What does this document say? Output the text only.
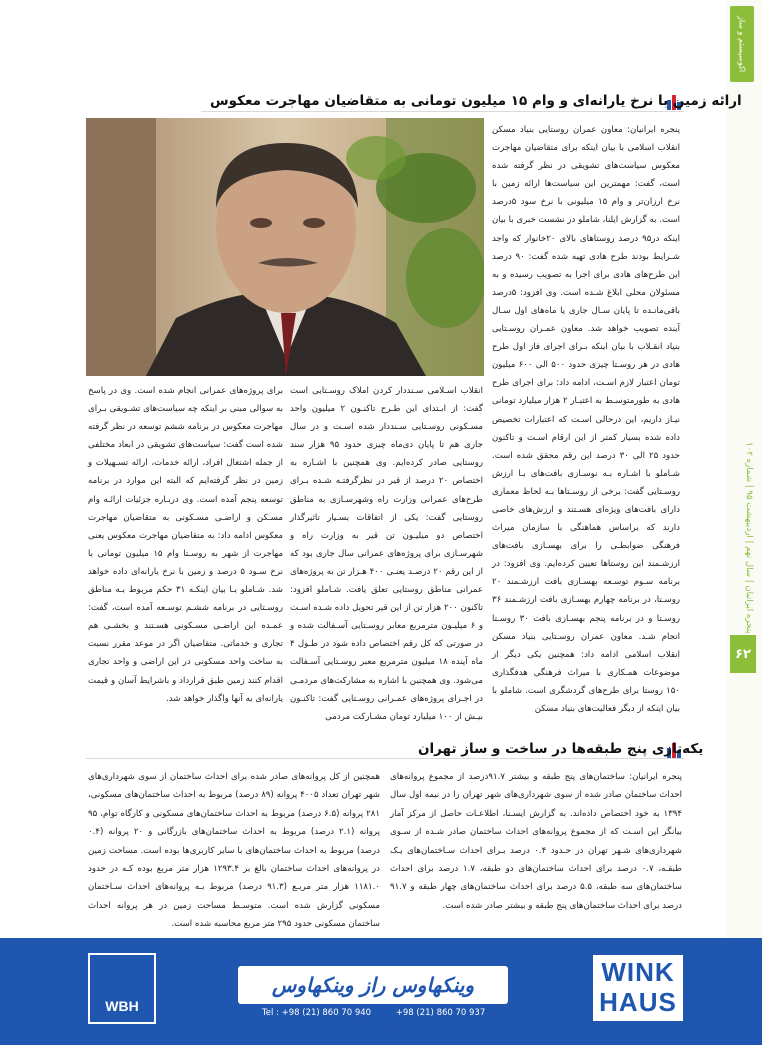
اکوسیستم و ساز
پنجره ایرانیان | سال نهم | اردیبهشت ۹۵ | شماره ۱۰۲
۶۲
ارائه زمین با نرخ یارانه‌ای و وام ۱۵ میلیون تومانی به متقاضیان مهاجرت معکوس
پنجره ایرانیان: معاون عمران روستایی بنیاد مسکن انقلاب اسلامی با بیان اینکه برای متقاضیان مهاجرت معکوس سیاست‌های تشویقی در نظر گرفته شده است، گفت: مهمترین این سیاست‌ها ارائه زمین با نرخ ارزان‌تر و وام ۱۵ میلیونی با نرخ سود ۵درصد است. به گزارش ایلنا، شاملو در نشست خبری با بیان اینکه در۹۵ درصد روستاهای بالای ۲۰خانوار که واجد شـرایط بودند طرح هادی تهیه شده گفت: ۹۰ درصد این طرح‌های هادی برای اجرا به تصویب رسیده و به مسئولان محلی ابلاغ شـده است. وی افزود: ۵درصد باقی‌مانـده تا پایان سـال جاری یا ماه‌های اول سـال آینده تصویب خواهد شد. معاون عمـران روسـتایی بنیاد انقـلاب با بیان اینکه بـرای اجرای فاز اول طرح هادی در هر روسـتا چیزی حدود ۵۰۰ الی ۶۰۰ میلیون تومان اعتبار لازم اسـت، ادامه داد: برای اجرای طرح هادی به طورمتوسـط به اعتبـار ۲ هزار میلیارد تومانی نیـاز داریم، این درحالی اسـت که اعتبارات تخصیص داده شده بسیار کمتر از این ارقام اسـت و تاکنون حدود ۲۵ الی ۳۰ درصد این رقم محقق شده است. شـاملو با اشـاره بـه نوسـازی بافت‌های بـا ارزش روسـتایی گفت: برخی از روسـتاها بـه لحاظ معماری دارای بافت‌های ویژه‌ای هسـتند و ارزش‌های خاصی دارند که براساس هماهنگی با سازمان میراث فرهنگی ضوابطـی را برای بهسـازی بافت‌های ارزشـمند این روستاها تعیین کرده‌ایم. وی افزود: در برنامه سـوم توسـعه بهسـازی بافت ارزشـمند ۲۰ روسـتا، در برنامه چهارم بهسـازی بافت ارزشـمند ۳۶ روسـتا و در برنامه پنجم بهسـازی بافت ۳۰ روسـتا انجام شـد. معاون عمران روسـتایی بنیاد مسکن انقلاب اسلامی ادامه داد: همچنین یکی دیگر از موضوعات همـکاری با میراث فرهنگی هدفگذاری ۱۵۰ روستا برای طرح‌های گردشگری است. شاملو با بیان اینکه از دیگر فعالیت‌های بنیاد مسکن
انقلاب اسـلامی سـنددار کردن املاک روسـتایی است گفت: از ابـتدای این طـرح تاکنـون ۲ میلیون واحد مسـکونی روسـتایی سـنددار شده اسـت و در سال جاری هم تا پایان دی‌ماه چیزی حدود ۹۵ هزار سند روستایی صادر کرده‌ایم. وی همچنین با اشـاره به اختصاص ۲۰ درصد از قیر در نظرگرفتـه شـده بـرای طرح‌های عمرانی وزارت راه وشهرسـازی به مناطق روستایی گفت: یکی از اتفاقات بسـیار تاثیرگذار اختصاص دو میلیـون تن قیر به وزارت راه و شهرسـازی برای پروژه‌های عمرانی سال جاری بود که از این رقم ۲۰ درصـد یعنـی ۴۰۰ هـزار تن به پروژه‌های عمرانی مناطق روستایی تعلق یافت. شـاملو افزود: تاکنون ۲۰۰ هزار تن از این قیر تحویل داده شـده اسـت و ۶ میلیـون مترمربع معابر روسـتایی آسـفالت شده و در صورتی که کل رقم اختصاص داده شود در طـول ۴ ماه آینده ۱۸ میلیون مترمربع معبر روسـتایی آسـفالت می‌شود. وی همچنین با اشاره به مشارکت‌های مردمـی در اجـرای پروژه‌های عمـرانی روسـتایی گفت: تاکنـون بیـش از ۱۰۰ میلیارد تومان مشـارکت مردمی
برای پروژه‌های عمرانی انجام شده است. وی در پاسخ به سوالی مبنی بر اینکه چه سیاست‌های تشـویقی بـرای مهاجرت معکوس در برنامه ششم توسعه در نظر گرفته شده است گفت: سیاست‌های تشویقی در ابعاد مختلفی از جمله اشتغال افراد، ارائه خدمات، ارائه تسـهیلات و زمین در نظر گرفته‌ایم که البته این موارد در برنامه توسعه پنجم آمده است. وی دربـاره جزئیات ارائـه وام مسـکن و اراضـی مسـکونی به متقاضیان مهاجرت معکوس ادامه داد: به متقاضیان مهاجرت معکوس یعنی مهاجرت از شهر به روسـتا وام ۱۵ میلیون تومانی با نرخ سـود ۵ درصد و زمین با نرخ یارانه‌ای داده خواهد شد. شـاملو بـا بیان اینکـه ۳۱ حکم مربوط بـه مناطق روسـتایی در برنامه ششـم توسـعه آمده است، گفت: عمـده این اراضـی مسـکونی هسـتند و بخشـی هم تجاری و خدماتی. متقاضیان اگر در موعد مقرر نسبت به ساخت واحد مسکونی در این اراضی و واحد تجاری اقدام کنند زمین طبق قرارداد و باشرایط آسان و قیمت یارانه‌ای به آنها واگذار خواهد شد.
یکه‌تازی پنج طبقه‌ها در ساخت و ساز تهران
پنجره ایرانیان: ساختمان‌های پنج طبقه و بیشتر ۹۱.۷درصد از مجموع پروانه‌های احداث ساختمان صادر شده از سوی شهرداری‌های شهر تهران را در نیمه اول سال ۱۳۹۴ به خود اختصاص داده‌اند. به گزارش ایسـنا، اطلاعـات حاصل از مرکز آمار بیانگر این اسـت که از مجموع پروانه‌های احداث ساختمان صادر شـده از سـوی شهرداری‌های شـهر تهران در حـدود ۰.۴ درصد بـرای احداث سـاختمان‌های یـک طبقـه، ۰.۷ درصد برای احداث ساختمان‌های دو طبقه، ۱.۷ درصد برای احداث ساختمان‌های سه طبقه، ۵.۵ درصد برای احداث ساختمان‌های چهار طبقه و ۹۱.۷ درصد برای احداث ساختمان‌های پنج طبقه و بیشتر صادر شده است.
همچنین از کل پروانه‌های صادر شده برای احداث ساختمان از سوی شهرداری‌های شهر تهران تعداد ۴۰۰۵ پروانه (۸۹ درصد) مربوط به احداث ساختمان‌های مسکونی، ۲۸۱ پروانه (۶.۵ درصد) مربوط به احداث ساختمان‌های مسکونی و کارگاه توام، ۹۵ پروانه (۲.۱ درصد) مربوط به احداث ساختمان‌های بازرگانی و ۲۰ پروانه (۰.۴ درصد) مربوط به احداث ساختمان‌های با سایر کاربری‌ها بوده است. مساحت زمین در پروانه‌های احداث ساختمان بالغ بر ۱۲۹۳.۴ هزار متر مربع بوده کـه در حدود ۱۱۸۱.۰ هزار متر مربـع (۹۱.۳ درصد) مربوط بـه پروانه‌های احداث سـاختمان مسکونی گزارش شده است. متوسـط مساحت زمین در هر پروانه احداث ساختمان مسکونی حدود ۲۹۵ متر مربع محاسبه شده است.
WINK HAUS
وینکهاوس راز وینکهاوس بخواهید
Tel : +98 (21) 860 70 940	+98 (21) 860 70 937
WBH
